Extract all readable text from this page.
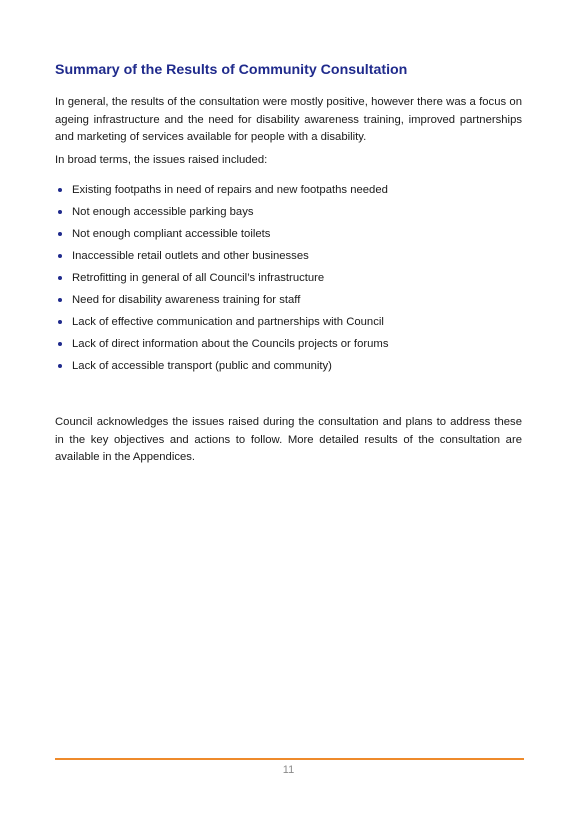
Summary of the Results of Community Consultation

In general, the results of the consultation were mostly positive, however there was a focus on ageing infrastructure and the need for disability awareness training, improved partnerships and marketing of services available for people with a disability.

In broad terms, the issues raised included:

Existing footpaths in need of repairs and new footpaths needed
Not enough accessible parking bays
Not enough compliant accessible toilets
Inaccessible retail outlets and other businesses
Retrofitting in general of all Council’s infrastructure
Need for disability awareness training for staff
Lack of effective communication and partnerships with Council
Lack of direct information about the Councils projects or forums
Lack of accessible transport (public and community)

Council acknowledges the issues raised during the consultation and plans to address these in the key objectives and actions to follow. More detailed results of the consultation are available in the Appendices.

11
